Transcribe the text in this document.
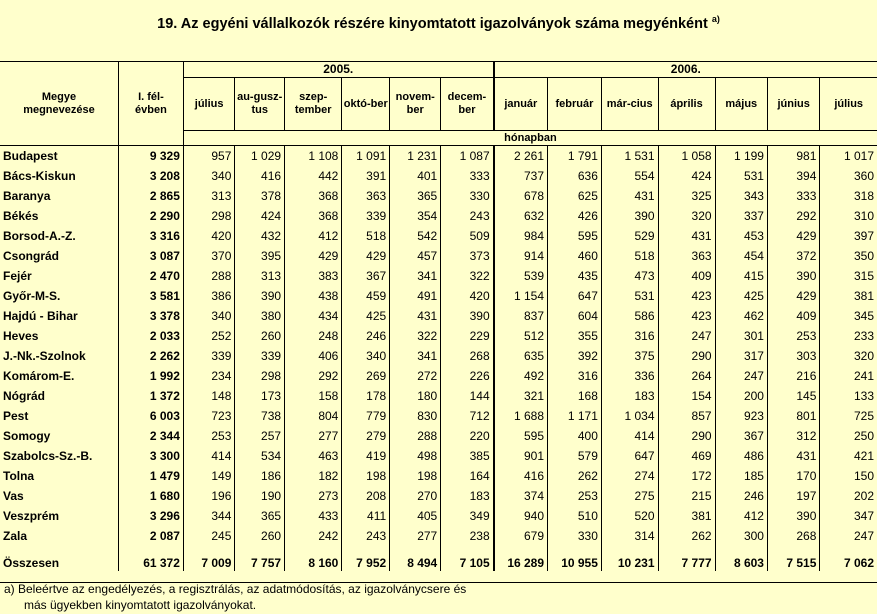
19. Az egyéni vállalkozók részére kinyomtatott igazolványok száma megyénként $^{a)}$
Megye megnevezése	I. fél-évben	2005.						2006.						
		július	au-gusz-tus	szep-tember	októ-ber	novem-ber	decem-ber	január	február	már-cius	április	május	június	július
		hónapban												
Budapest	9 329	957	1 029	1 108	1 091	1 231	1 087	2 261	1 791	1 531	1 058	1 199	981	1 017
Bács-Kiskun	3 208	340	416	442	391	401	333	737	636	554	424	531	394	360
Baranya	2 865	313	378	368	363	365	330	678	625	431	325	343	333	318
Békés	2 290	298	424	368	339	354	243	632	426	390	320	337	292	310
Borsod-A.-Z.	3 316	420	432	412	518	542	509	984	595	529	431	453	429	397
Csongrád	3 087	370	395	429	429	457	373	914	460	518	363	454	372	350
Fejér	2 470	288	313	383	367	341	322	539	435	473	409	415	390	315
Győr-M-S.	3 581	386	390	438	459	491	420	1 154	647	531	423	425	429	381
Hajdú - Bihar	3 378	340	380	434	425	431	390	837	604	586	423	462	409	345
Heves	2 033	252	260	248	246	322	229	512	355	316	247	301	253	233
J.-Nk.-Szolnok	2 262	339	339	406	340	341	268	635	392	375	290	317	303	320
Komárom-E.	1 992	234	298	292	269	272	226	492	316	336	264	247	216	241
Nógrád	1 372	148	173	158	178	180	144	321	168	183	154	200	145	133
Pest	6 003	723	738	804	779	830	712	1 688	1 171	1 034	857	923	801	725
Somogy	2 344	253	257	277	279	288	220	595	400	414	290	367	312	250
Szabolcs-Sz.-B.	3 300	414	534	463	419	498	385	901	579	647	469	486	431	421
Tolna	1 479	149	186	182	198	198	164	416	262	274	172	185	170	150
Vas	1 680	196	190	273	208	270	183	374	253	275	215	246	197	202
Veszprém	3 296	344	365	433	411	405	349	940	510	520	381	412	390	347
Zala	2 087	245	260	242	243	277	238	679	330	314	262	300	268	247
Összesen	61 372	7 009	7 757	8 160	7 952	8 494	7 105	16 289	10 955	10 231	7 777	8 603	7 515	7 062
a) Beleértve az engedélyezés, a regisztrálás, az adatmódosítás, az igazolványcsere és
más ügyekben kinyomtatott igazolványokat.
